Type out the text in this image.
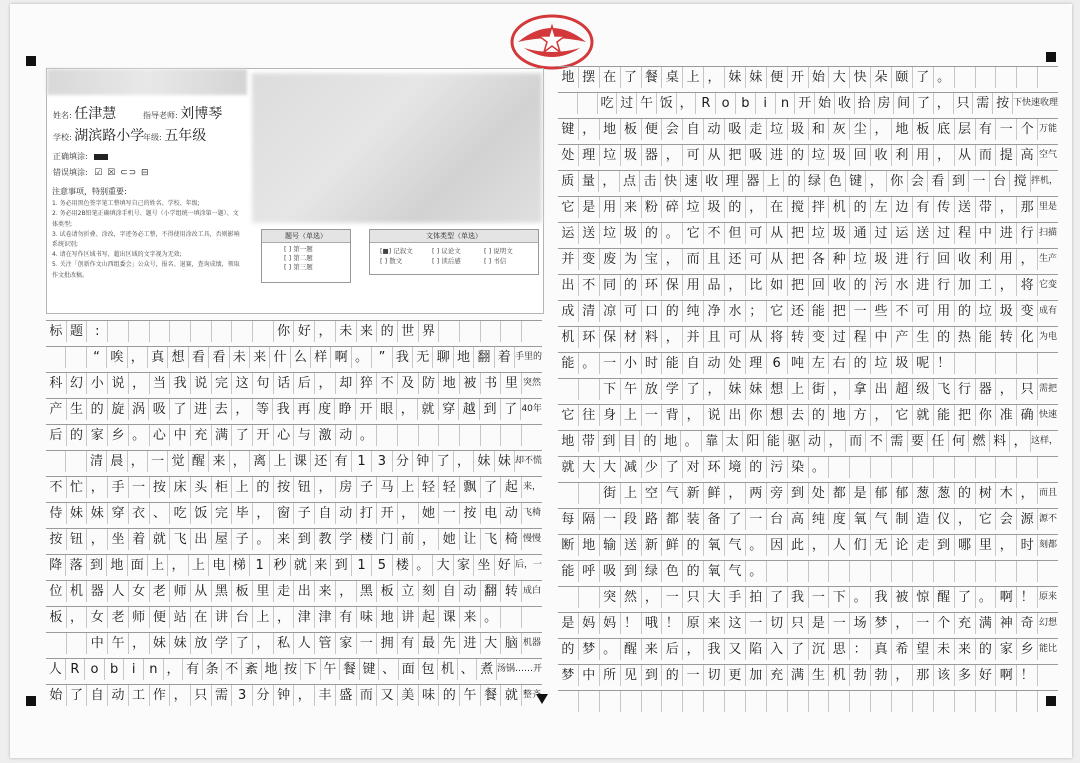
姓名: 任津慧	指导老师: 刘博琴
学校: 湖滨路小学
年级: 五年级
正确填涂:
错误填涂: ☑ ☒ ⊂⊃ ⊟
注意事项，特别重要:
1. 务必用黑色签字笔工整填写自己的姓名、学校、年级;
2. 务必用2B铅笔正确填涂手机号、题号（小学组统一填涂第一题）、文体类型;
3. 试卷请勿折叠、涂改，字迹务必工整，不得使用涂改工具，否则影响系统识别;
4. 请在写作区域书写，超出区域的文字视为无效;
5. 关注「创新作文山西组委会」公众号，报名、退赛，查询成绩，领取作文批改稿。
题号（单选）
[ ] 第一题
[ ] 第二题
[ ] 第三题
文体类型（单选）
[■] 记叙文	[ ] 议论文	[ ] 说明文
[ ] 散文	[ ] 读后感	[ ] 书信
标 题 :	你 好 ， 未 来 的 世 界
“ 唉 ， 真 想 看 看 未 来 什 么 样 啊 。 ” 我 无 聊 地 翻 着 手里的
科 幻 小 说 ， 当 我 说 完 这 句 话 后 ， 却 猝 不 及 防 地 被 书 里 突然
产 生 的 旋 涡 吸 了 进 去 ， 等 我 再 度 睁 开 眼 ， 就 穿 越 到 了 40年
后 的 家 乡 。 心 中 充 满 了 开 心 与 激 动 。
清 晨 ， 一 觉 醒 来 ， 离 上 课 还 有 1 3 分 钟 了 ， 妹 妹 却不慌
不 忙 ， 手 一 按 床 头 柜 上 的 按 钮 ， 房 子 马 上 轻 轻 飘 了 起 来，
侍 妹 妹 穿 衣 、 吃 饭 完 毕 ， 窗 子 自 动 打 开 ， 她 一 按 电 动 飞椅
按 钮 ， 坐 着 就 飞 出 屋 子 。 来 到 教 学 楼 门 前 ， 她 让 飞 椅 慢慢
降 落 到 地 面 上 ， 上 电 梯 1 秒 就 来 到 1 5 楼 。 大 家 坐 好 后，一
位 机 器 人 女 老 师 从 黑 板 里 走 出 来 ， 黑 板 立 刻 自 动 翻 转 成白
板 ， 女 老 师 便 站 在 讲 台 上 ， 津 津 有 味 地 讲 起 课 来 。
中 午 ， 妹 妹 放 学 了 ， 私 人 管 家 一 拥 有 最 先 进 大 脑 机器
人 R o b	i	n ， 有 条 不 紊 地 按 下 午 餐 键 、 面 包 机 、 煮 汤锅……开
始 了 自 动 工 作 ， 只 需 3 分 钟 ， 丰 盛 而 又 美 味 的 午 餐 就 整齐
地 摆 在 了 餐 桌 上 ， 妹 妹 便 开 始 大 快 朵 颐 了 。
吃 过 午 饭 ， R o b	i	n 开 始 收 拾 房 间 了 ， 只 需 按 下快速收理
键 ， 地 板 便 会 自 动 吸 走 垃 圾 和 灰 尘 ， 地 板 底 层 有 一 个 万能
处 理 垃 圾 器 ， 可 从 把 吸 进 的 垃 圾 回 收 利 用 ， 从 而 提 高 空气
质 量 ， 点 击 快 速 收 理 器 上 的 绿 色 键 ， 你 会 看 到 一 台 搅 拌机，
它 是 用 来 粉 碎 垃 圾 的 ， 在 搅 拌 机 的 左 边 有 传 送 带 ， 那 里是
运 送 垃 圾 的 。 它 不 但 可 从 把 垃 圾 通 过 运 送 过 程 中 进 行 扫描
并 变 废 为 宝 ， 而 且 还 可 从 把 各 种 垃 圾 进 行 回 收 利 用 ， 生产
出 不 同 的 环 保 用 品 ， 比 如 把 回 收 的 污 水 进 行 加 工 ， 将 它变
成 清 凉 可 口 的 纯 净 水 ； 它 还 能 把 一 些 不 可 用 的 垃 圾 变 成有
机 环 保 材 料 ， 并 且 可 从 将 转 变 过 程 中 产 生 的 热 能 转 化 为电
能 。 一 小 时 能 自 动 处 理 6 吨 左 右 的 垃 圾 呢 ！
下 午 放 学 了 ， 妹 妹 想 上 街 ， 拿 出 超 级 飞 行 器 ， 只 需把
它 往 身 上 一 背 ， 说 出 你 想 去 的 地 方 ， 它 就 能 把 你 准 确 快速
地 带 到 目 的 地 。 靠 太 阳 能 驱 动 ， 而 不 需 要 任 何 燃 料 ， 这样，
就 大 大 减 少 了 对 环 境 的 污 染 。
街 上 空 气 新 鲜 ， 两 旁 到 处 都 是 郁 郁 葱 葱 的 树 木 ， 而且
每 隔 一 段 路 都 装 备 了 一 台 高 纯 度 氧 气 制 造 仪 ， 它 会 源 源不
断 地 输 送 新 鲜 的 氧 气 。 因 此 ， 人 们 无 论 走 到 哪 里 ， 时 刻都
能 呼 吸 到 绿 色 的 氧 气 。
突 然 ， 一 只 大 手 拍 了 我 一 下 。 我 被 惊 醒 了 。 啊 ！ 原来
是 妈 妈 ！ 哦 ！ 原 来 这 一 切 只 是 一 场 梦 ， 一 个 充 满 神 奇 幻想
的 梦 。 醒 来 后 ， 我 又 陷 入 了 沉 思 ： 真 希 望 未 来 的 家 乡 能比
梦 中 所 见 到 的 一 切 更 加 充 满 生 机 勃 勃 ， 那 该 多 好 啊 ！
